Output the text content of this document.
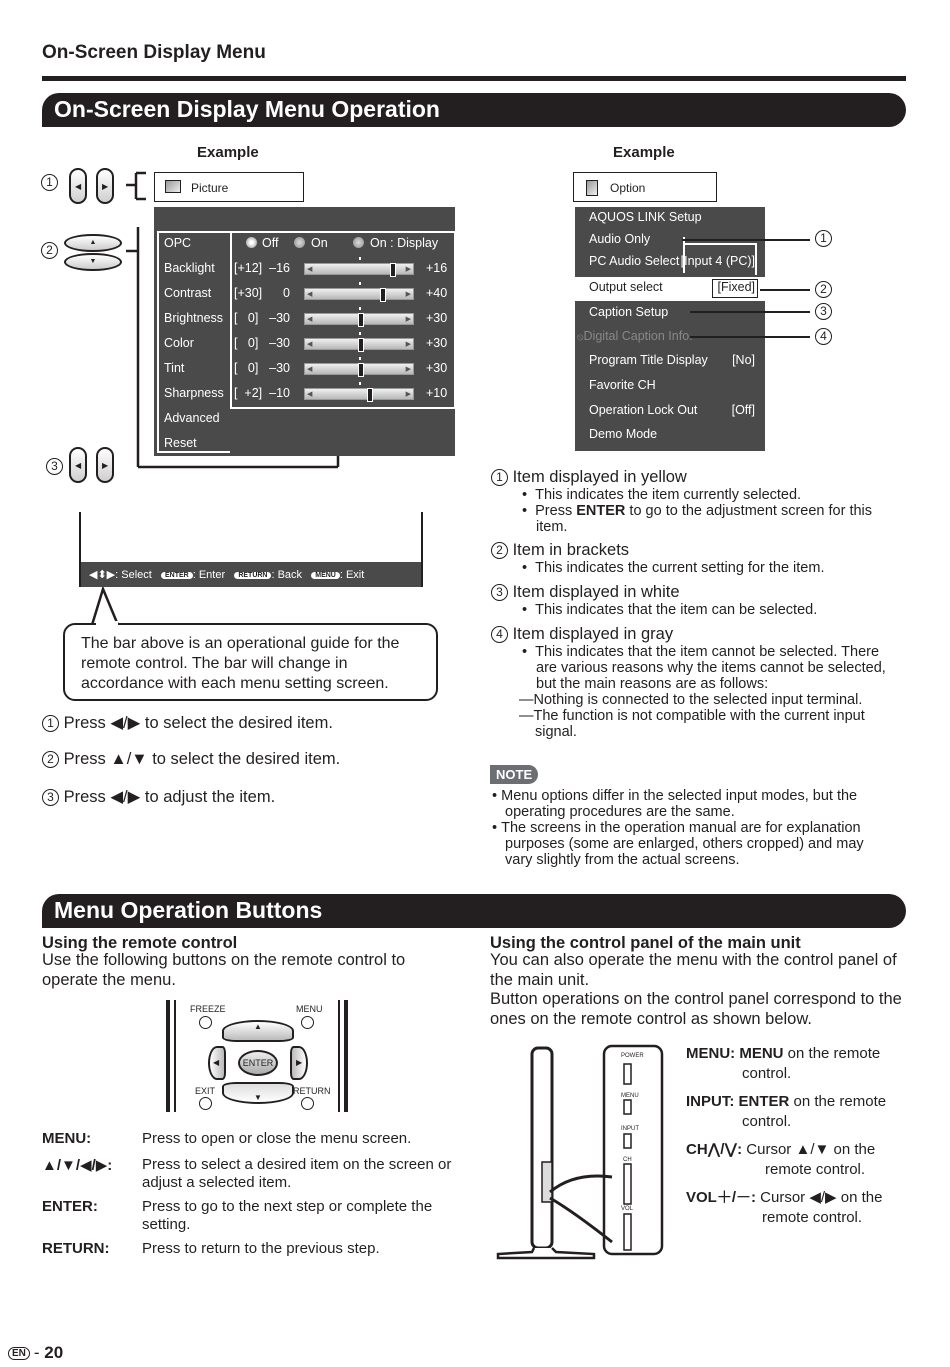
On-Screen Display Menu
On-Screen Display Menu Operation
Example
1	◀	▶
2
▲
▼
3	◀	▶
Picture
OPC	Off	On	On : Display
Backlight [+12] –16	+16
◀	▶
Contrast [+30]	0	+40
◀	▶
Brightness [   0] –30	+30
◀	▶
Color	[   0] –30	+30
◀	▶
Tint	[   0] –30	+30
◀	▶
Sharpness [  +2] –10	+10
◀	▶
Advanced
Reset
◀⬍▶: Select ENTER : Enter RETURN : Back MENU : Exit
The bar above is an operational guide for the remote control. The bar will change in accordance with each menu setting screen.
1 Press ◀/▶ to select the desired item.
2 Press ▲/▼ to select the desired item.
3 Press ◀/▶ to adjust the item.
Example
Option
AQUOS LINK Setup
Audio Only
PC Audio Select [Input 4 (PC)]
Output select	[Fixed]
Caption Setup
⦸Digital Caption Info.
Program Title Display [No]
Favorite CH
Operation Lock Out	[Off]
Demo Mode
1
2
3
4
1 Item displayed in yellow
•  This indicates the item currently selected.
•  Press ENTER to go to the adjustment screen for this item.
2 Item in brackets
•  This indicates the current setting for the item.
3 Item displayed in white
•  This indicates that the item can be selected.
4 Item displayed in gray
•  This indicates that the item cannot be selected. There are various reasons why the items cannot be selected, but the main reasons are as follows:
—Nothing is connected to the selected input terminal.
—The function is not compatible with the current input signal.
NOTE
• Menu options differ in the selected input modes, but the operating procedures are the same.
• The screens in the operation manual are for explanation purposes (some are enlarged, others cropped) and may vary slightly from the actual screens.
Menu Operation Buttons
Using the remote control
Use the following buttons on the remote control to operate the menu.
FREEZE	MENU
▲
▼
◀	▶
ENTER
EXIT	RETURN
MENU:	Press to open or close the menu screen.
▲/▼/◀/▶:	Press to select a desired item on the screen or adjust a selected item.
ENTER:	Press to go to the next step or complete the setting.
RETURN:	Press to return to the previous step.
Using the control panel of the main unit
You can also operate the menu with the control panel of the main unit.
Button operations on the control panel correspond to the ones on the remote control as shown below.
POWER
MENU
INPUT
CH
VOL
MENU: MENU on the remote control.
INPUT: ENTER on the remote control.
CH⋀/⋁: Cursor ▲/▼ on the remote control.
VOL＋/－: Cursor ◀/▶ on the remote control.
EN - 20
